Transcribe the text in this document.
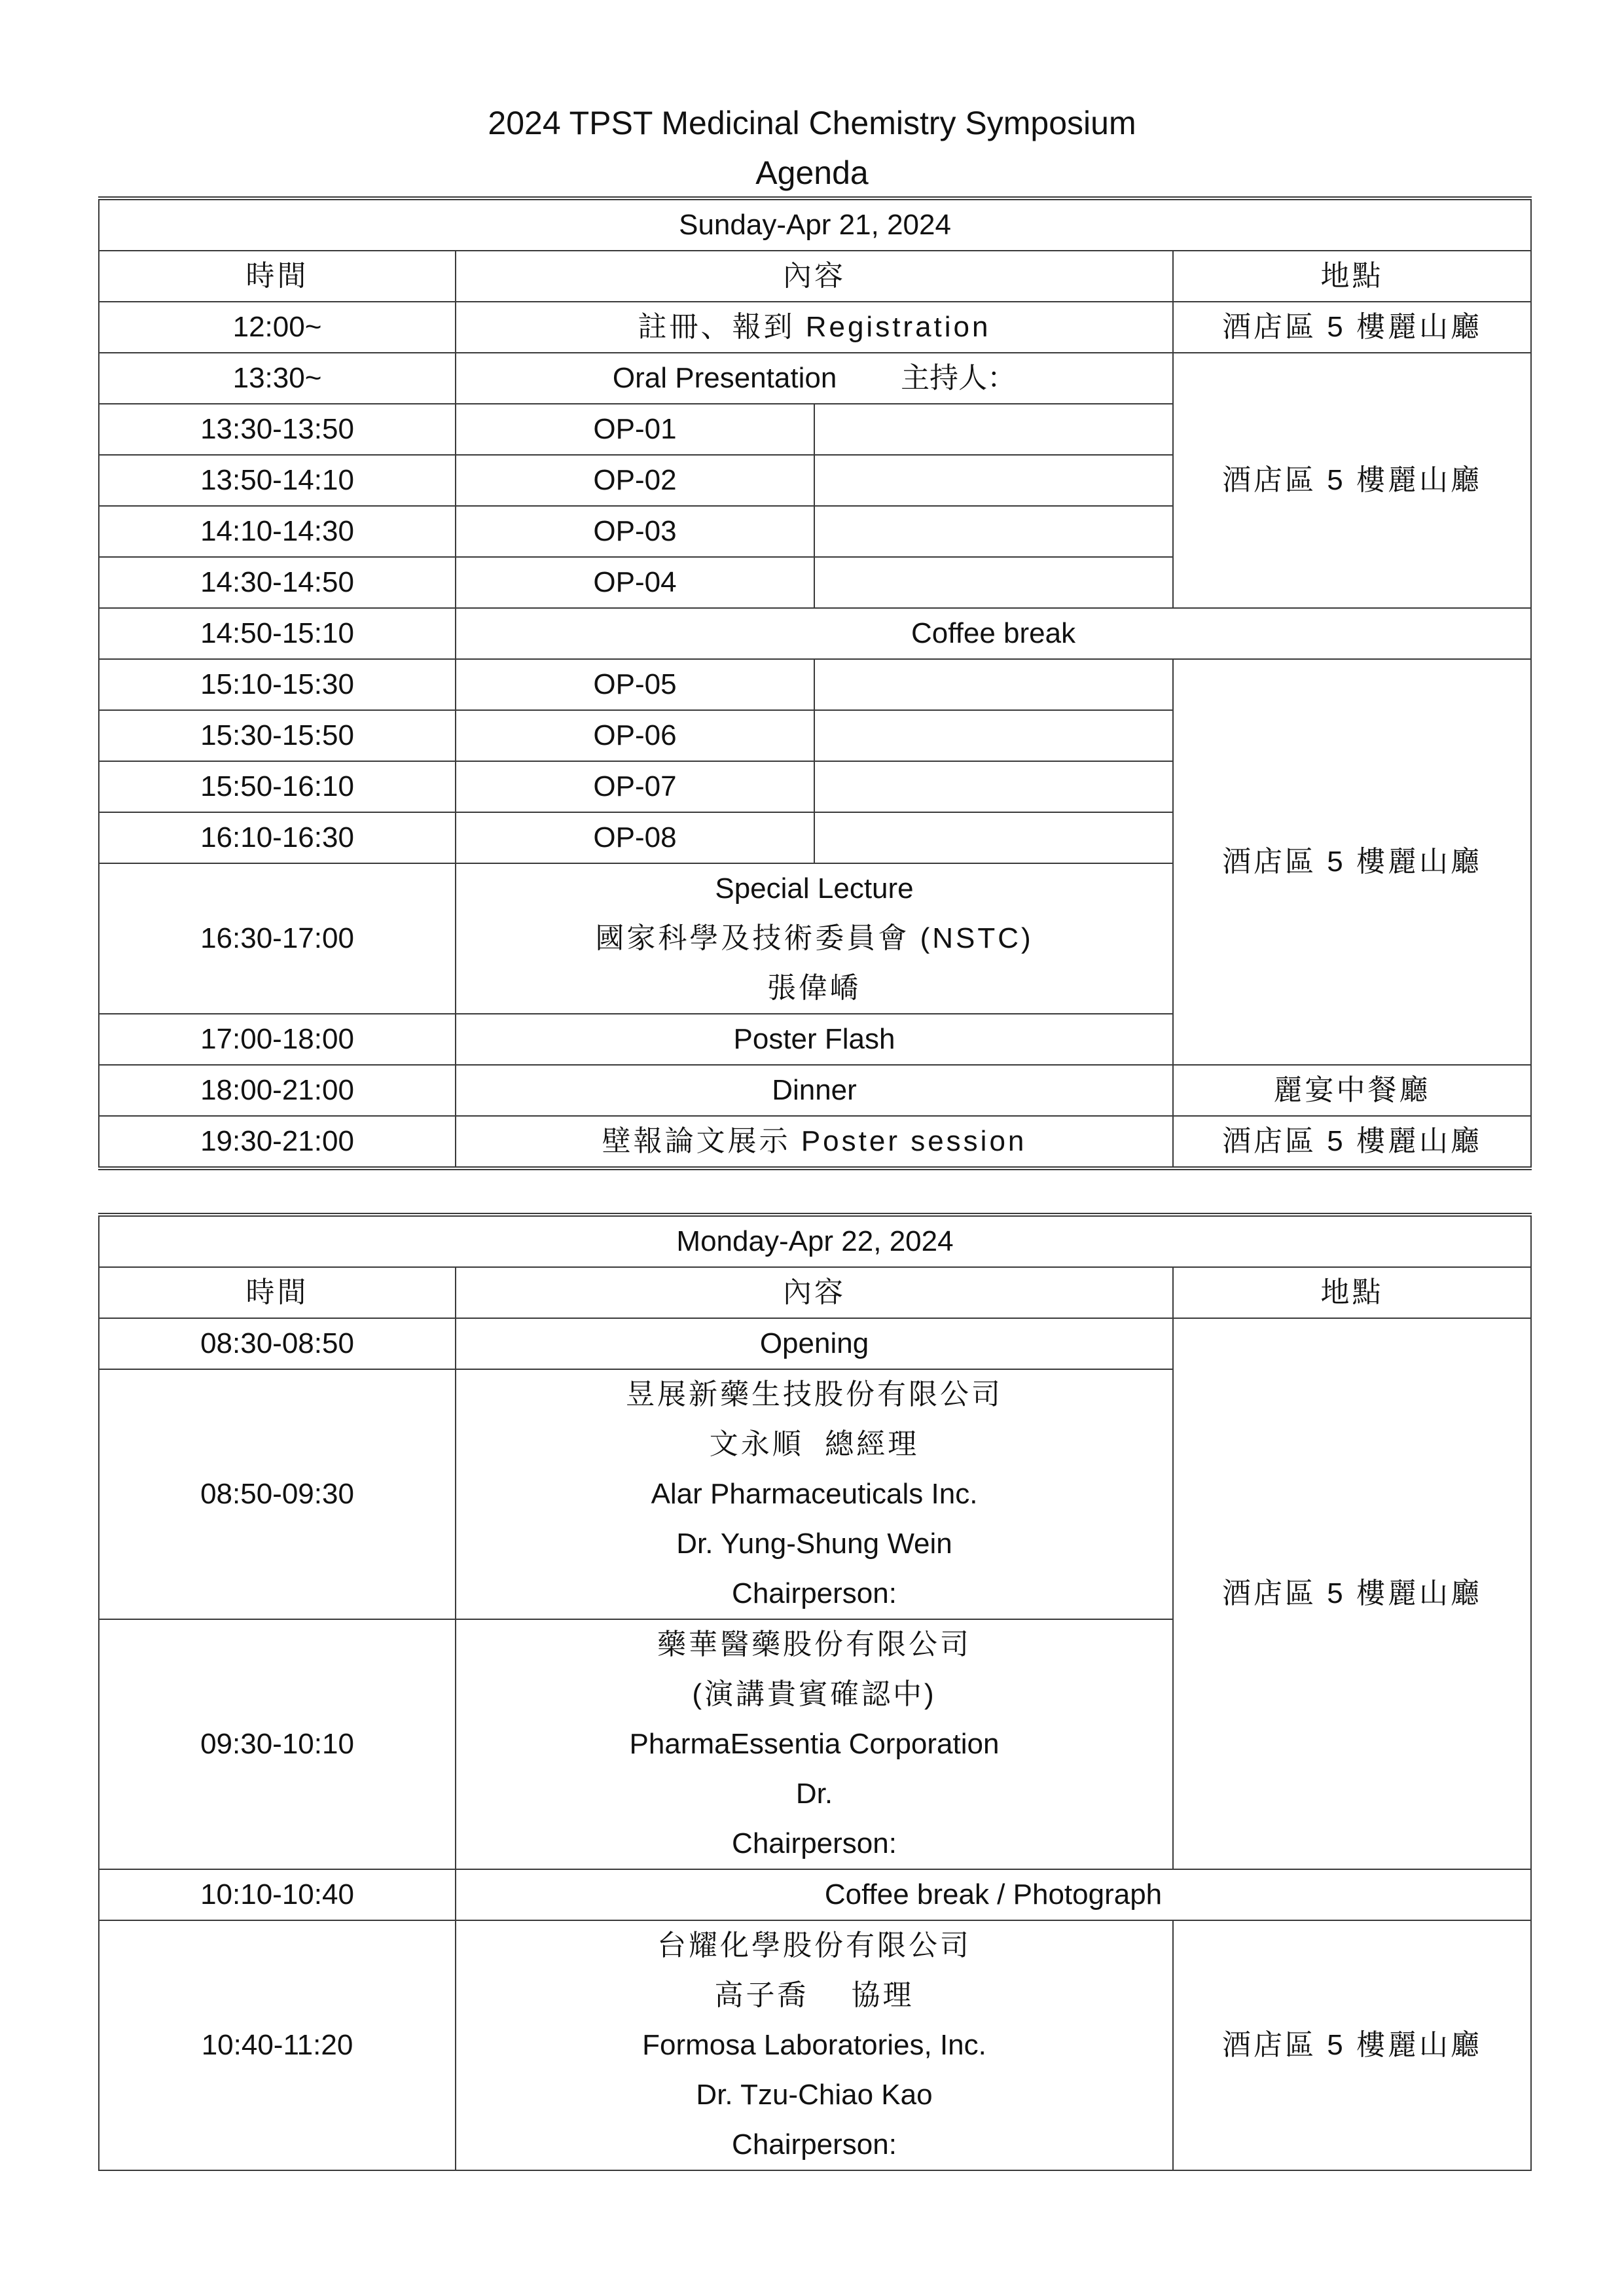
2024 TPST Medicinal Chemistry Symposium
Agenda
Sunday-Apr 21, 2024			
時間	內容		地點
12:00~	註冊、報到 Registration		酒店區 5 樓麗山廳
13:30~	Oral Presentation        主持人：		酒店區 5 樓麗山廳
13:30-13:50	OP-01		
13:50-14:10	OP-02		
14:10-14:30	OP-03		
14:30-14:50	OP-04		
14:50-15:10	Coffee break		
15:10-15:30	OP-05		酒店區 5 樓麗山廳
15:30-15:50	OP-06		
15:50-16:10	OP-07		
16:10-16:30	OP-08		
16:30-17:00	Special Lecture
國家科學及技術委員會 (NSTC)
張偉嶠		

17:00-18:00	Poster Flash		
18:00-21:00	Dinner		麗宴中餐廳
19:30-21:00	壁報論文展示 Poster session		酒店區 5 樓麗山廳
Monday-Apr 22, 2024		
時間	內容	地點
08:30-08:50	Opening	酒店區 5 樓麗山廳
08:50-09:30	昱展新藥生技股份有限公司
文永順  總經理
Alar Pharmaceuticals Inc.
Dr. Yung-Shung Wein
Chairperson:	

09:30-10:10	藥華醫藥股份有限公司
(演講貴賓確認中)
PharmaEssentia Corporation
Dr.
Chairperson:	

10:10-10:40	Coffee break / Photograph	
10:40-11:20	台耀化學股份有限公司
高子喬    協理
Formosa Laboratories, Inc.
Dr. Tzu-Chiao Kao
Chairperson:	酒店區 5 樓麗山廳
